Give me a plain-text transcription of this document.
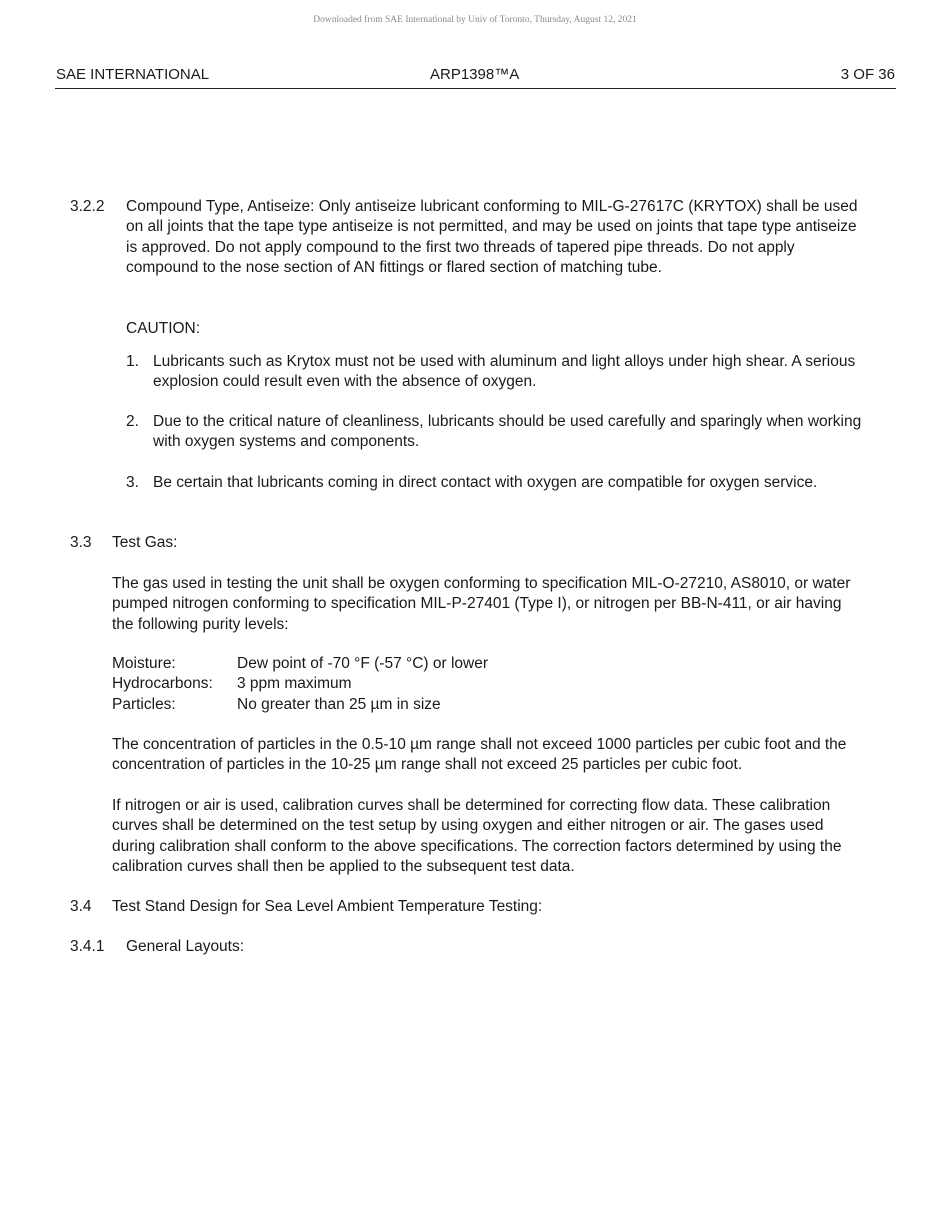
Downloaded from SAE International by Univ of Toronto, Thursday, August 12, 2021
SAE INTERNATIONAL	ARP1398™A	3 OF 36
3.2.2 Compound Type, Antiseize: Only antiseize lubricant conforming to MIL-G-27617C (KRYTOX) shall be used on all joints that the tape type antiseize is not permitted, and may be used on joints that tape type antiseize is approved. Do not apply compound to the first two threads of tapered pipe threads. Do not apply compound to the nose section of AN fittings or flared section of matching tube.
CAUTION:
1. Lubricants such as Krytox must not be used with aluminum and light alloys under high shear. A serious explosion could result even with the absence of oxygen.
2. Due to the critical nature of cleanliness, lubricants should be used carefully and sparingly when working with oxygen systems and components.
3. Be certain that lubricants coming in direct contact with oxygen are compatible for oxygen service.
3.3 Test Gas:
The gas used in testing the unit shall be oxygen conforming to specification MIL-O-27210, AS8010, or water pumped nitrogen conforming to specification MIL-P-27401 (Type I), or nitrogen per BB-N-411, or air having the following purity levels:
Moisture:	Dew point of -70 °F (-57 °C) or lower
Hydrocarbons:	3 ppm maximum
Particles:	No greater than 25 µm in size
The concentration of particles in the 0.5-10 µm range shall not exceed 1000 particles per cubic foot and the concentration of particles in the 10-25 µm range shall not exceed 25 particles per cubic foot.
If nitrogen or air is used, calibration curves shall be determined for correcting flow data. These calibration curves shall be determined on the test setup by using oxygen and either nitrogen or air. The gases used during calibration shall conform to the above specifications. The correction factors determined by using the calibration curves shall then be applied to the subsequent test data.
3.4 Test Stand Design for Sea Level Ambient Temperature Testing:
3.4.1 General Layouts:
